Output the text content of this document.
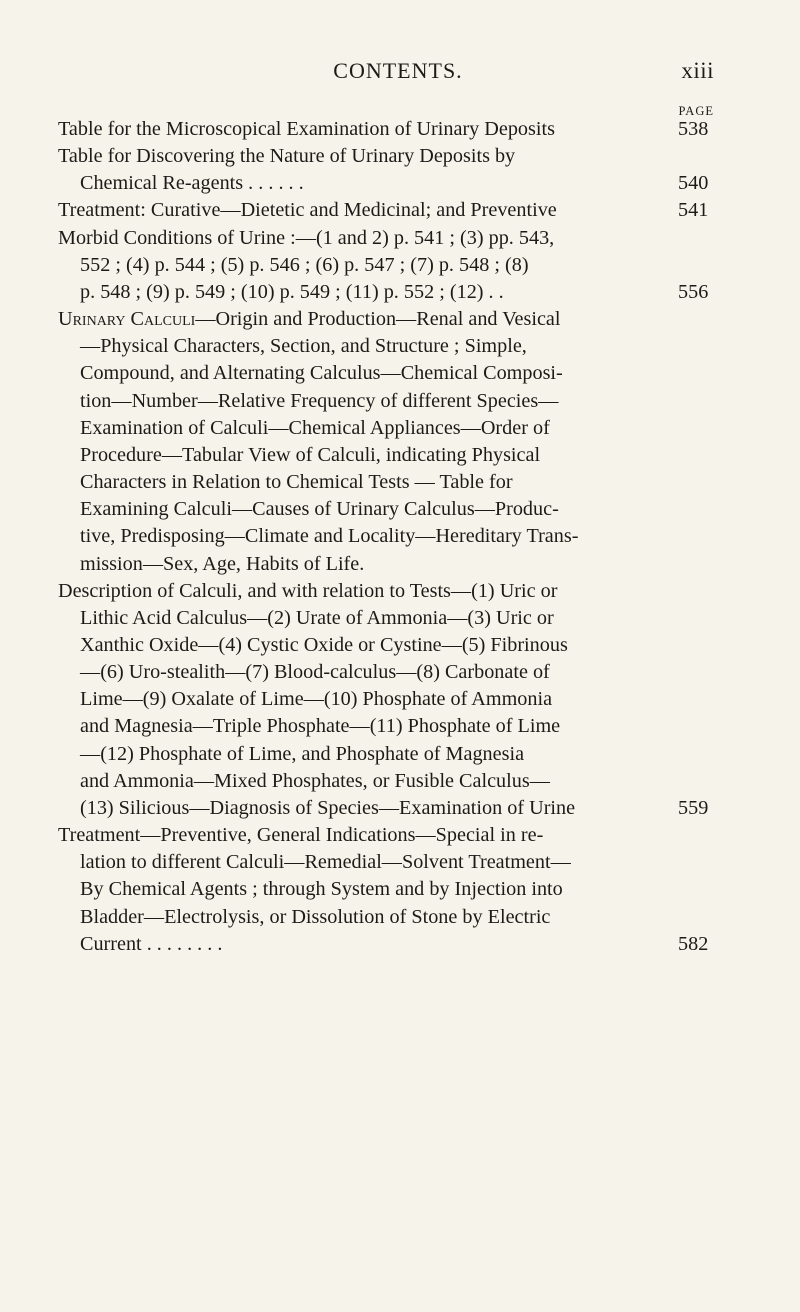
CONTENTS.	xiii
PAGE
Table for the Microscopical Examination of Urinary Deposits	538
Table for Discovering the Nature of Urinary Deposits by
Chemical Re-agents . . . . . .	540
Treatment: Curative—Dietetic and Medicinal; and Preventive	541
Morbid Conditions of Urine :—(1 and 2) p. 541 ; (3) pp. 543,
552 ; (4) p. 544 ; (5) p. 546 ; (6) p. 547 ; (7) p. 548 ; (8)
p. 548 ; (9) p. 549 ; (10) p. 549 ; (11) p. 552 ; (12) . .	556
Urinary Calculi—Origin and Production—Renal and Vesical
—Physical Characters, Section, and Structure ; Simple,
Compound, and Alternating Calculus—Chemical Composi-
tion—Number—Relative Frequency of different Species—
Examination of Calculi—Chemical Appliances—Order of
Procedure—Tabular View of Calculi, indicating Physical
Characters in Relation to Chemical Tests — Table for
Examining Calculi—Causes of Urinary Calculus—Produc-
tive, Predisposing—Climate and Locality—Hereditary Trans-
mission—Sex, Age, Habits of Life.
Description of Calculi, and with relation to Tests—(1) Uric or
Lithic Acid Calculus—(2) Urate of Ammonia—(3) Uric or
Xanthic Oxide—(4) Cystic Oxide or Cystine—(5) Fibrinous
—(6) Uro-stealith—(7) Blood-calculus—(8) Carbonate of
Lime—(9) Oxalate of Lime—(10) Phosphate of Ammonia
and Magnesia—Triple Phosphate—(11) Phosphate of Lime
—(12) Phosphate of Lime, and Phosphate of Magnesia
and Ammonia—Mixed Phosphates, or Fusible Calculus—
(13) Silicious—Diagnosis of Species—Examination of Urine	559
Treatment—Preventive, General Indications—Special in re-
lation to different Calculi—Remedial—Solvent Treatment—
By Chemical Agents ; through System and by Injection into
Bladder—Electrolysis, or Dissolution of Stone by Electric
Current . . . . . . . .	582
